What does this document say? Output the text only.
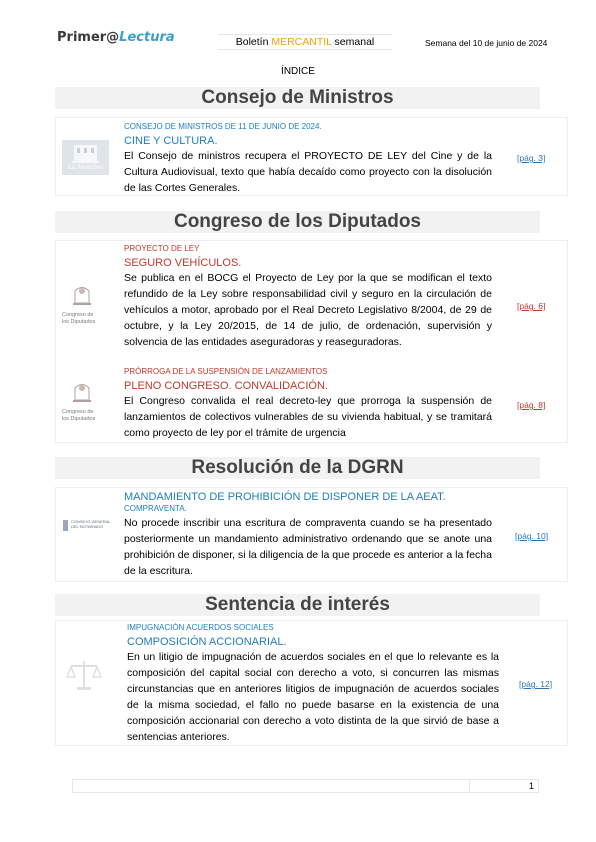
Primer@Lectura	Boletín MERCANTIL semanal	Semana del 10 de junio de 2024
ÍNDICE
Consejo de Ministros
La Moncloa
CONSEJO DE MINISTROS DE 11 DE JUNIO DE 2024.
CINE Y CULTURA.
El Consejo de ministros recupera el PROYECTO DE LEY del Cine y de la Cultura Audiovisual, texto que había decaído como proyecto con la disolución de las Cortes Generales.
[pág. 3]
Congreso de los Diputados
Congreso de los Diputados
PROYECTO DE LEY
SEGURO VEHÍCULOS.
Se publica en el BOCG el Proyecto de Ley por la que se modifican el texto refundido de la Ley sobre responsabilidad civil y seguro en la circulación de vehículos a motor, aprobado por el Real Decreto Legislativo 8/2004, de 29 de octubre, y la Ley 20/2015, de 14 de julio, de ordenación, supervisión y solvencia de las entidades aseguradoras y reaseguradoras.
[pág. 6]
Congreso de los Diputados
PRÓRROGA DE LA SUSPENSIÓN DE LANZAMIENTOS
PLENO CONGRESO. CONVALIDACIÓN.
El Congreso convalida el real decreto-ley que prorroga la suspensión de lanzamientos de colectivos vulnerables de su vivienda habitual, y se tramitará como proyecto de ley por el trámite de urgencia
[pág. 8]
Resolución de la DGRN
CONSEJO GENERAL DEL NOTARIADO
MANDAMIENTO DE PROHIBICIÓN DE DISPONER DE LA AEAT.
COMPRAVENTA.
No procede inscribir una escritura de compraventa cuando se ha presentado posteriormente un mandamiento administrativo ordenando que se anote una prohibición de disponer, si la diligencia de la que procede es anterior a la fecha de la escritura.
[pág. 10]
Sentencia de interés
IMPUGNACIÓN ACUERDOS SOCIALES
COMPOSICIÓN ACCIONARIAL.
En un litigio de impugnación de acuerdos sociales en el que lo relevante es la composición del capital social con derecho a voto, si concurren las mismas circunstancias que en anteriores litigios de impugnación de acuerdos sociales de la misma sociedad, el fallo no puede basarse en la existencia de una composición accionarial con derecho a voto distinta de la que sirvió de base a sentencias anteriores.
[pág. 12]
1
